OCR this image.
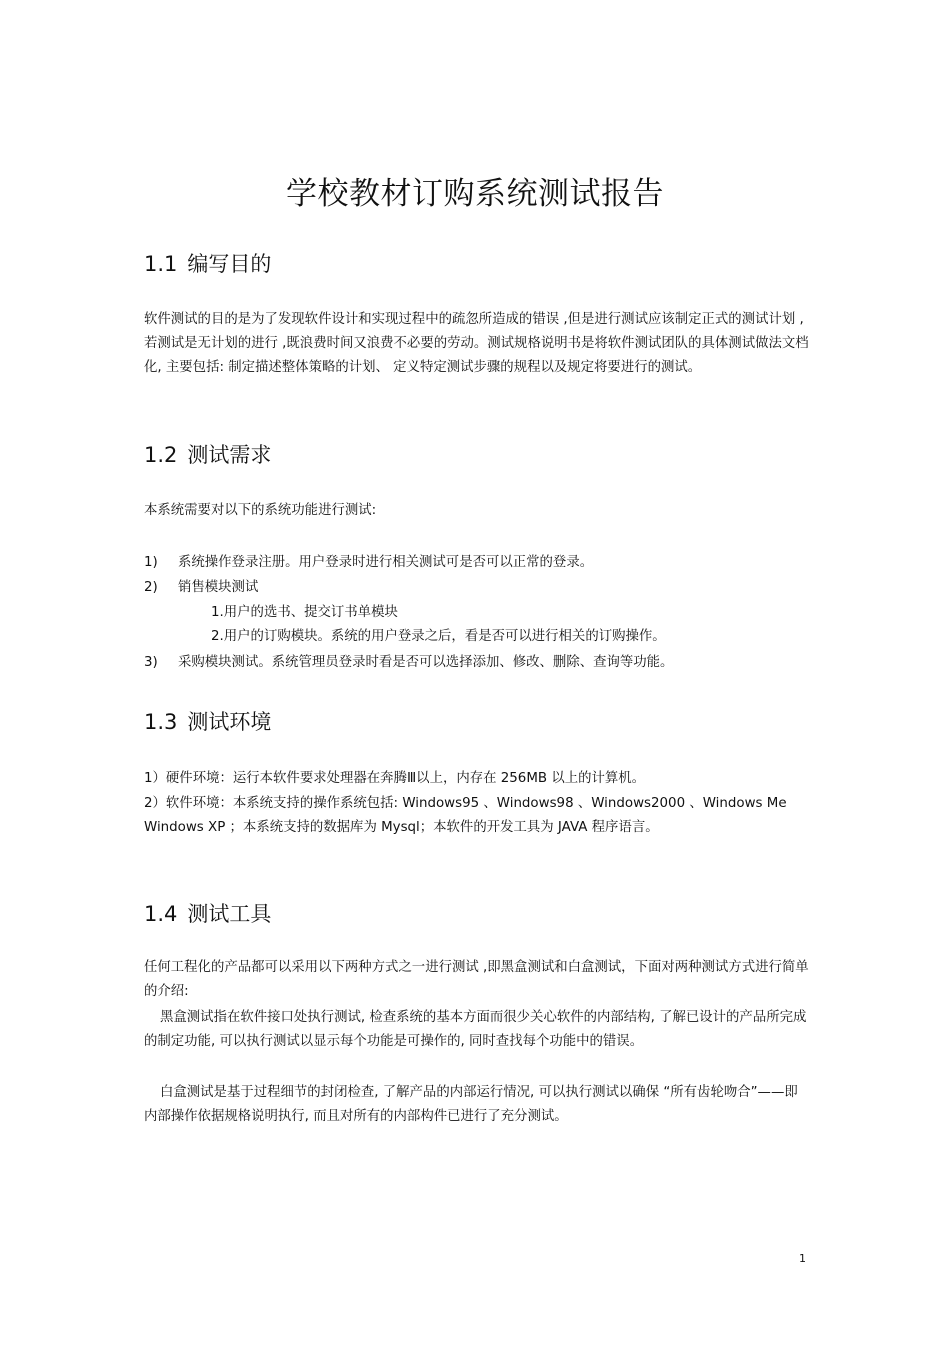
学校教材订购系统测试报告
1.1 编写目的

软件测试的目的是为了发现软件设计和实现过程中的疏忽所造成的错误 ,但是进行测试应该制定正式的测试计划 ,若测试是无计划的进行 ,既浪费时间又浪费不必要的劳动。测试规格说明书是将软件测试团队的具体测试做法文档化, 主要包括: 制定描述整体策略的计划、 定义特定测试步骤的规程以及规定将要进行的测试。

1.2 测试需求

本系统需要对以下的系统功能进行测试:

1) 系统操作登录注册。用户登录时进行相关测试可是否可以正常的登录。
2) 销售模块测试
1.用户的选书、提交订书单模块
2.用户的订购模块。系统的用户登录之后，看是否可以进行相关的订购操作。
3) 采购模块测试。系统管理员登录时看是否可以选择添加、修改、删除、查询等功能。
1.3 测试环境

1）硬件环境：运行本软件要求处理器在奔腾Ⅲ以上，内存在 256MB 以上的计算机。

2）软件环境：本系统支持的操作系统包括: Windows95 、Windows98 、Windows2000 、Windows Me Windows XP ；本系统支持的数据库为 Mysql；本软件的开发工具为 JAVA 程序语言。

1.4 测试工具

任何工程化的产品都可以采用以下两种方式之一进行测试 ,即黑盒测试和白盒测试，下面对两种测试方式进行简单的介绍:

黑盒测试指在软件接口处执行测试, 检查系统的基本方面而很少关心软件的内部结构, 了解已设计的产品所完成的制定功能, 可以执行测试以显示每个功能是可操作的, 同时查找每个功能中的错误。

白盒测试是基于过程细节的封闭检查, 了解产品的内部运行情况, 可以执行测试以确保 “所有齿轮吻合”——即内部操作依据规格说明执行, 而且对所有的内部构件已进行了充分测试。

1
